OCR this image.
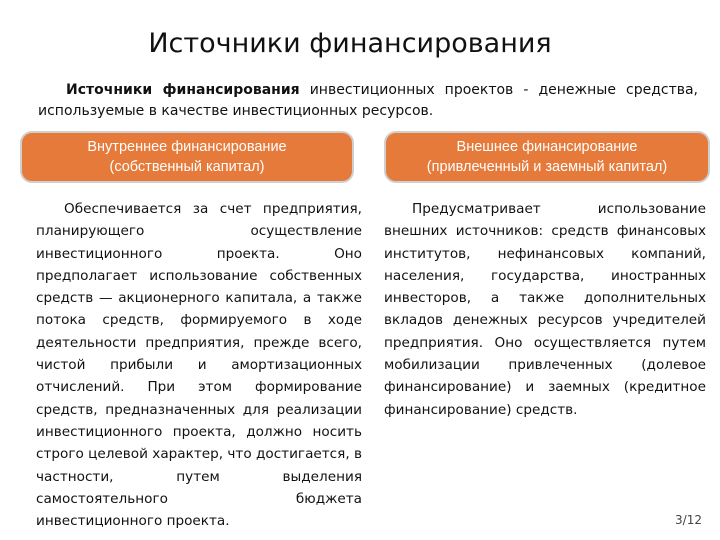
Источники финансирования

Источники финансирования инвестиционных проектов - денежные средства, используемые в качестве инвестиционных ресурсов.

Внутреннее финансирование
(собственный капитал)
Внешнее финансирование
(привлеченный и заемный капитал)

Обеспечивается за счет предприятия, планирующего осуществление инвестиционного проекта. Оно предполагает использование собственных средств — акционерного капитала, а также потока средств, формируемого в ходе деятельности предприятия, прежде всего, чистой прибыли и амортизационных отчислений. При этом формирование средств, предназначенных для реализации инвестиционного проекта, должно носить строго целевой характер, что достигается, в частности, путем выделения самостоятельного бюджета инвестиционного проекта.

Предусматривает использование внешних источников: средств финансовых институтов, нефинансовых компаний, населения, государства, иностранных инвесторов, а также дополнительных вкладов денежных ресурсов учредителей предприятия. Оно осуществляется путем мобилизации привлеченных (долевое финансирование) и заемных (кредитное финансирование) средств.

3/12
